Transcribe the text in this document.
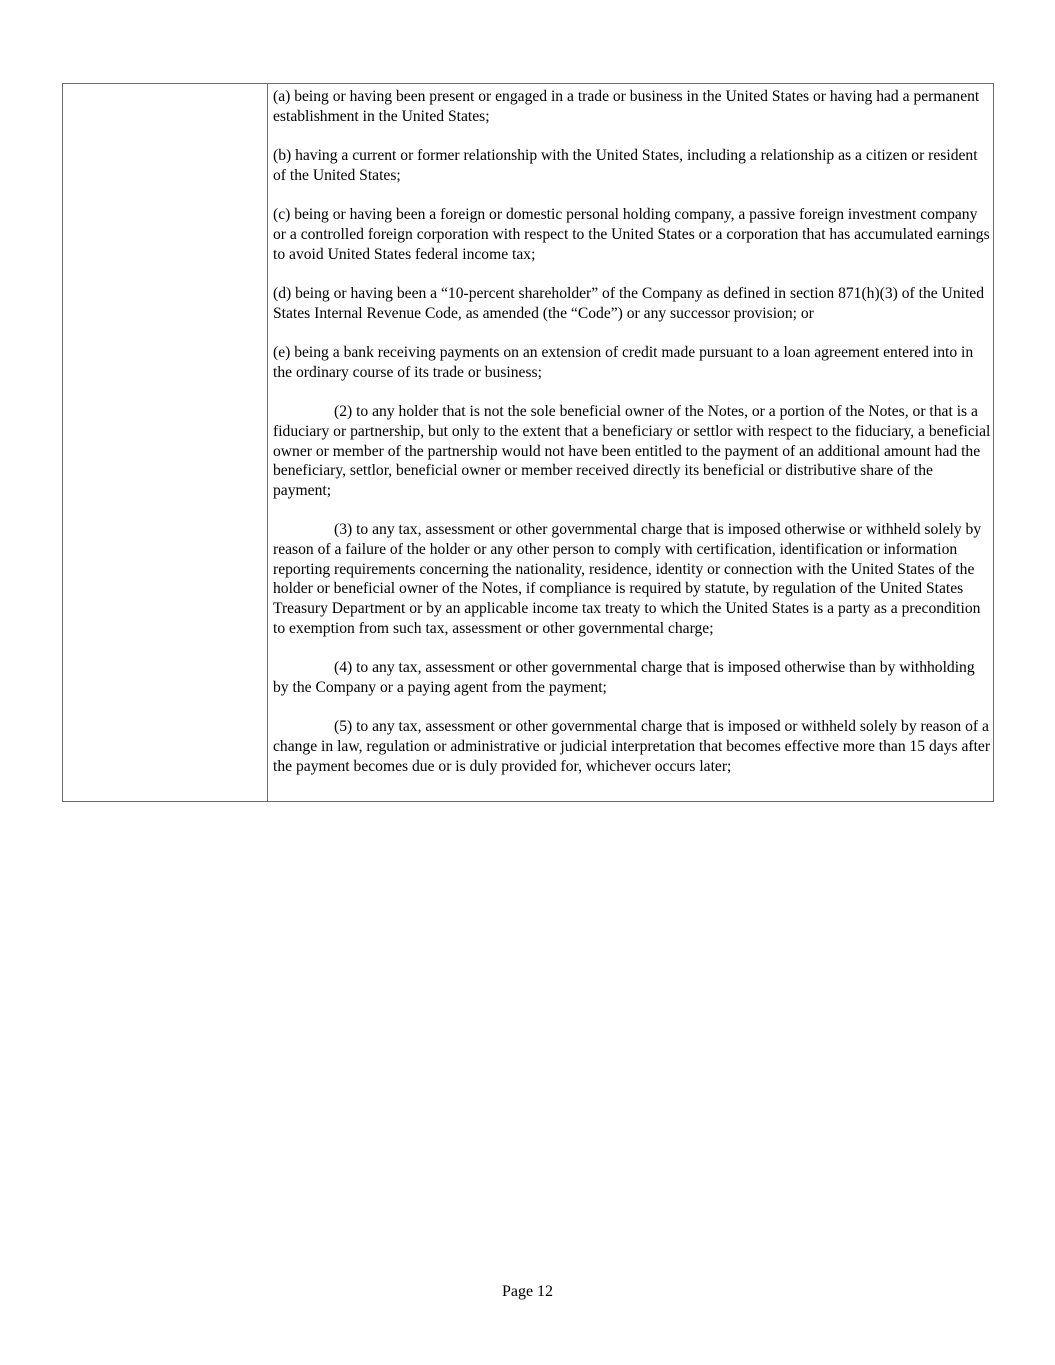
(a) being or having been present or engaged in a trade or business in the United States or having had a permanent establishment in the United States;

(b) having a current or former relationship with the United States, including a relationship as a citizen or resident of the United States;

(c) being or having been a foreign or domestic personal holding company, a passive foreign investment company or a controlled foreign corporation with respect to the United States or a corporation that has accumulated earnings to avoid United States federal income tax;

(d) being or having been a “10-percent shareholder” of the Company as defined in section 871(h)(3) of the United States Internal Revenue Code, as amended (the “Code”) or any successor provision; or

(e) being a bank receiving payments on an extension of credit made pursuant to a loan agreement entered into in the ordinary course of its trade or business;

(2) to any holder that is not the sole beneficial owner of the Notes, or a portion of the Notes, or that is a fiduciary or partnership, but only to the extent that a beneficiary or settlor with respect to the fiduciary, a beneficial owner or member of the partnership would not have been entitled to the payment of an additional amount had the beneficiary, settlor, beneficial owner or member received directly its beneficial or distributive share of the payment;

(3) to any tax, assessment or other governmental charge that is imposed otherwise or withheld solely by reason of a failure of the holder or any other person to comply with certification, identification or information reporting requirements concerning the nationality, residence, identity or connection with the United States of the holder or beneficial owner of the Notes, if compliance is required by statute, by regulation of the United States Treasury Department or by an applicable income tax treaty to which the United States is a party as a precondition to exemption from such tax, assessment or other governmental charge;

(4) to any tax, assessment or other governmental charge that is imposed otherwise than by withholding by the Company or a paying agent from the payment;

(5) to any tax, assessment or other governmental charge that is imposed or withheld solely by reason of a change in law, regulation or administrative or judicial interpretation that becomes effective more than 15 days after the payment becomes due or is duly provided for, whichever occurs later;

Page 12
